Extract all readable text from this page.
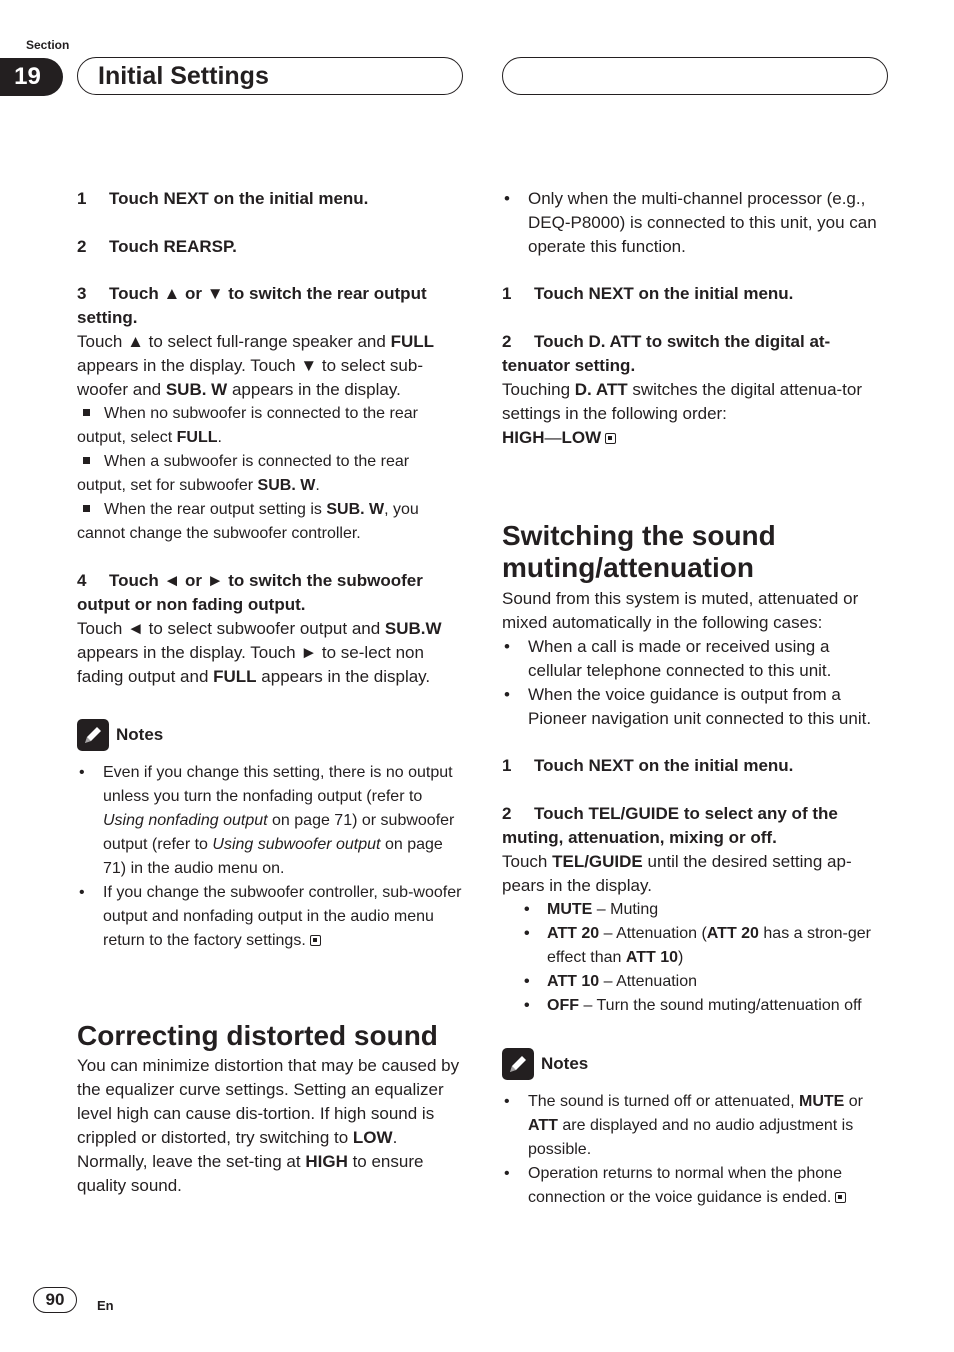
Section
19	Initial Settings

1 Touch NEXT on the initial menu.

2 Touch REARSP.

3 Touch ▲ or ▼ to switch the rear output setting.

Touch ▲ to select full-range speaker and FULL appears in the display. Touch ▼ to select sub-woofer and SUB. W appears in the display.

When no subwoofer is connected to the rear output, select FULL.

When a subwoofer is connected to the rear output, set for subwoofer SUB. W.

When the rear output setting is SUB. W, you cannot change the subwoofer controller.

4 Touch ◄ or ► to switch the subwoofer output or non fading output.

Touch ◄ to select subwoofer output and SUB.W appears in the display. Touch ► to se-lect non fading output and FULL appears in the display.

Notes

• Even if you change this setting, there is no output unless you turn the nonfading output (refer to Using nonfading output on page 71) or subwoofer output (refer to Using subwoofer output on page 71) in the audio menu on.

• If you change the subwoofer controller, sub-woofer output and nonfading output in the audio menu return to the factory settings.

Correcting distorted sound

You can minimize distortion that may be caused by the equalizer curve settings. Setting an equalizer level high can cause dis-tortion. If high sound is crippled or distorted, try switching to LOW. Normally, leave the set-ting at HIGH to ensure quality sound.

• Only when the multi-channel processor (e.g., DEQ-P8000) is connected to this unit, you can operate this function.

1 Touch NEXT on the initial menu.

2 Touch D. ATT to switch the digital at-tenuator setting.

Touching D. ATT switches the digital attenua-tor settings in the following order:

HIGH—LOW

Switching the sound muting/attenuation

Sound from this system is muted, attenuated or mixed automatically in the following cases:

• When a call is made or received using a cellular telephone connected to this unit.

• When the voice guidance is output from a Pioneer navigation unit connected to this unit.

1 Touch NEXT on the initial menu.

2 Touch TEL/GUIDE to select any of the muting, attenuation, mixing or off.

Touch TEL/GUIDE until the desired setting ap-pears in the display.

• MUTE – Muting

• ATT 20 – Attenuation (ATT 20 has a stron-ger effect than ATT 10)

• ATT 10 – Attenuation

• OFF – Turn the sound muting/attenuation off

Notes

• The sound is turned off or attenuated, MUTE or ATT are displayed and no audio adjustment is possible.

• Operation returns to normal when the phone connection or the voice guidance is ended.

90	En
